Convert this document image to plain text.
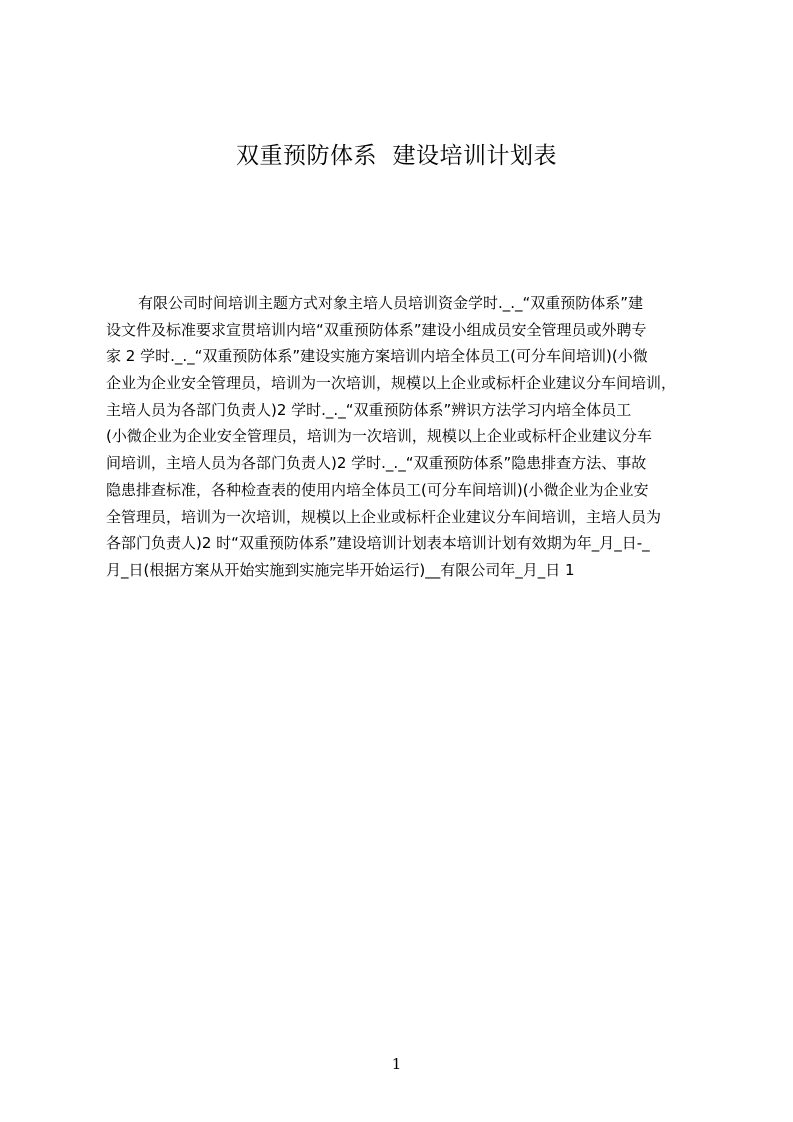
双重预防体系  建设培训计划表
有限公司时间培训主题方式对象主培人员培训资金学时._._“双重预防体系”建
设文件及标准要求宣贯培训内培“双重预防体系”建设小组成员安全管理员或外聘专
家 2 学时._._“双重预防体系”建设实施方案培训内培全体员工(可分车间培训)(小微
企业为企业安全管理员，培训为一次培训，规模以上企业或标杆企业建议分车间培训，
主培人员为各部门负责人)2 学时._._“双重预防体系”辨识方法学习内培全体员工
(小微企业为企业安全管理员，培训为一次培训，规模以上企业或标杆企业建议分车
间培训，主培人员为各部门负责人)2 学时._._“双重预防体系”隐患排查方法、事故
隐患排查标准，各种检查表的使用内培全体员工(可分车间培训)(小微企业为企业安
全管理员，培训为一次培训，规模以上企业或标杆企业建议分车间培训，主培人员为
各部门负责人)2 时“双重预防体系”建设培训计划表本培训计划有效期为年_月_日-_
月_日(根据方案从开始实施到实施完毕开始运行)__有限公司年_月_日 1
1
